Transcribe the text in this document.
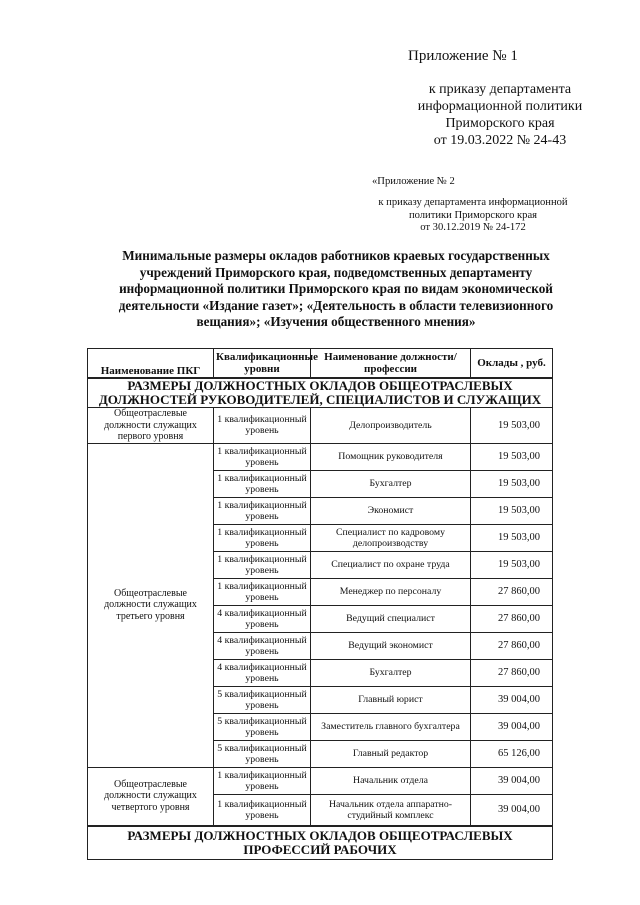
Приложение № 1
к приказу департамента
информационной политики
Приморского края
от 19.03.2022 № 24-43
«Приложение № 2
к приказу департамента информационной
политики Приморского края
от 30.12.2019 № 24-172
Минимальные размеры окладов работников краевых государственных
учреждений Приморского края, подведомственных департаменту
информационной политики Приморского края по видам экономической
деятельности «Издание газет»; «Деятельность в области телевизионного
вещания»; «Изучения общественного мнения»
Наименование ПКГ	Квалификационные уровни	Наименование должности/профессии	Оклады , руб.
РАЗМЕРЫ ДОЛЖНОСТНЫХ ОКЛАДОВ ОБЩЕОТРАСЛЕВЫХ ДОЛЖНОСТЕЙ РУКОВОДИТЕЛЕЙ, СПЕЦИАЛИСТОВ И СЛУЖАЩИХ			
Общеотраслевые должности служащих первого уровня	1 квалификационный уровень	Делопроизводитель	19 503,00
Общеотраслевые должности служащих третьего уровня	1 квалификационный уровень	Помощник руководителя	19 503,00
	1 квалификационный уровень	Бухгалтер	19 503,00
	1 квалификационный уровень	Экономист	19 503,00
	1 квалификационный уровень	Специалист по кадровому делопроизводству	19 503,00
	1 квалификационный уровень	Специалист по охране труда	19 503,00
	1 квалификационный уровень	Менеджер по персоналу	27 860,00
	4 квалификационный уровень	Ведущий специалист	27 860,00
	4 квалификационный уровень	Ведущий экономист	27 860,00
	4 квалификационный уровень	Бухгалтер	27 860,00
	5 квалификационный уровень	Главный юрист	39 004,00
	5 квалификационный уровень	Заместитель главного бухгалтера	39 004,00
	5 квалификационный уровень	Главный редактор	65 126,00
Общеотраслевые должности служащих четвертого уровня	1 квалификационный уровень	Начальник отдела	39 004,00
	1 квалификационный уровень	Начальник отдела аппаратно-студийный комплекс	39 004,00
РАЗМЕРЫ ДОЛЖНОСТНЫХ ОКЛАДОВ ОБЩЕОТРАСЛЕВЫХ ПРОФЕССИЙ РАБОЧИХ			
